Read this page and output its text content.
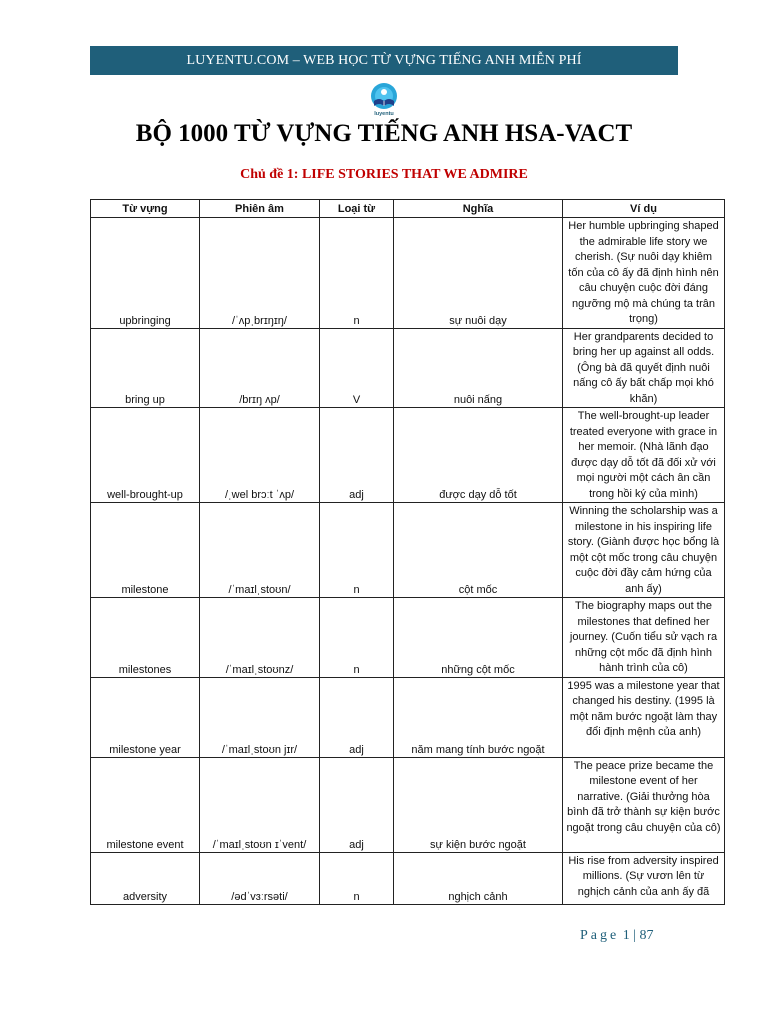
LUYENTU.COM – WEB HỌC TỪ VỰNG TIẾNG ANH MIỄN PHÍ
luyentu
BỘ 1000 TỪ VỰNG TIẾNG ANH HSA-VACT
Chủ đề 1: LIFE STORIES THAT WE ADMIRE
Từ vựng	Phiên âm	Loại từ	Nghĩa	Ví dụ
upbringing	/ˈʌpˌbrɪŋɪŋ/	n	sự nuôi dạy	Her humble upbringing shaped the admirable life story we cherish. (Sự nuôi dạy khiêm tốn của cô ấy đã định hình nên câu chuyện cuộc đời đáng ngưỡng mộ mà chúng ta trân trọng)
bring up	/brɪŋ ʌp/	V	nuôi nấng	Her grandparents decided to bring her up against all odds. (Ông bà đã quyết định nuôi nấng cô ấy bất chấp mọi khó khăn)
well-brought-up	/ˌwel brɔːt ˈʌp/	adj	được dạy dỗ tốt	The well-brought-up leader treated everyone with grace in her memoir. (Nhà lãnh đạo được dạy dỗ tốt đã đối xử với mọi người một cách ân cần trong hồi ký của mình)
milestone	/ˈmaɪlˌstoʊn/	n	cột mốc	Winning the scholarship was a milestone in his inspiring life story. (Giành được học bổng là một cột mốc trong câu chuyện cuộc đời đầy cảm hứng của anh ấy)
milestones	/ˈmaɪlˌstoʊnz/	n	những cột mốc	The biography maps out the milestones that defined her journey. (Cuốn tiểu sử vạch ra những cột mốc đã định hình hành trình của cô)
milestone year	/ˈmaɪlˌstoʊn jɪr/	adj	năm mang tính bước ngoặt	1995 was a milestone year that changed his destiny. (1995 là một năm bước ngoặt làm thay đổi định mệnh của anh)
milestone event	/ˈmaɪlˌstoʊn ɪˈvent/	adj	sự kiện bước ngoặt	The peace prize became the milestone event of her narrative. (Giải thưởng hòa bình đã trở thành sự kiện bước ngoặt trong câu chuyện của cô)
adversity	/ədˈvɜːrsəti/	n	nghịch cảnh	His rise from adversity inspired millions. (Sự vươn lên từ nghịch cảnh của anh ấy đã
Page 1 | 87
